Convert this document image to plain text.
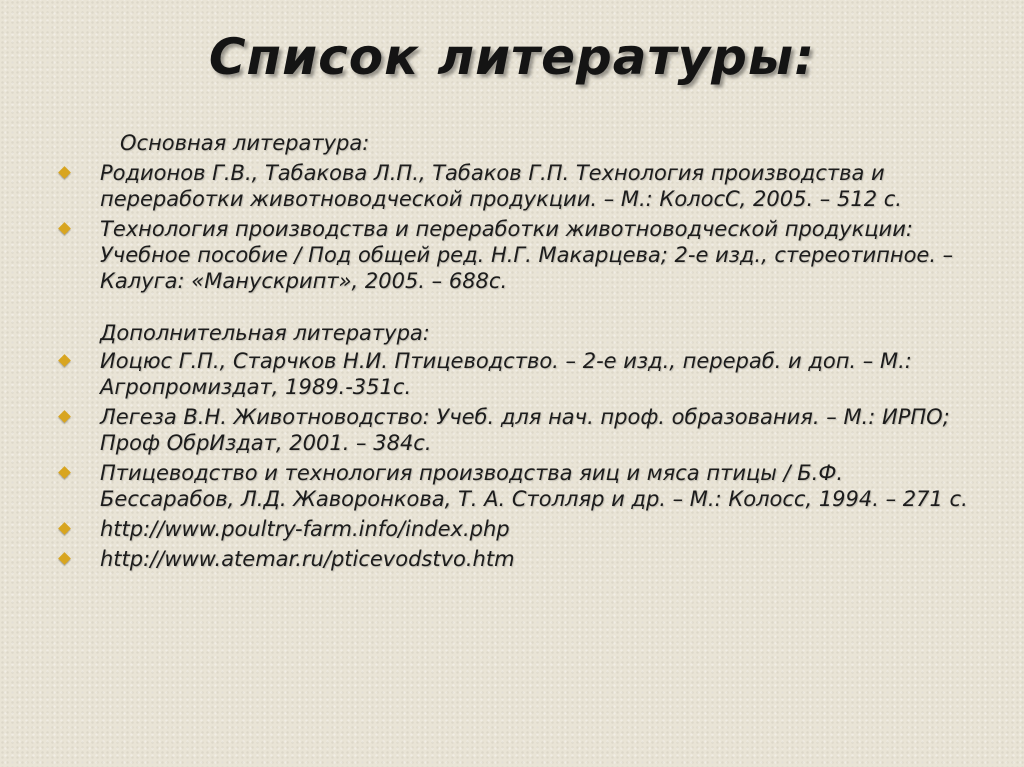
Список литературы:
Основная литература:
Родионов Г.В., Табакова Л.П., Табаков Г.П. Технология производства и переработки животноводческой продукции. – М.: КолосС, 2005. – 512 с.
Технология производства и переработки животноводческой продукции: Учебное пособие / Под общей ред. Н.Г. Макарцева; 2-е изд., стереотипное. – Калуга: «Манускрипт», 2005. – 688с.
Дополнительная литература:
Иоцюс Г.П., Старчков Н.И. Птицеводство. – 2-е изд., перераб. и доп. – М.: Агропромиздат, 1989.-351с.
Легеза В.Н. Животноводство: Учеб. для нач. проф. образования. – М.: ИРПО; Проф ОбрИздат, 2001. – 384с.
Птицеводство и технология производства яиц и мяса птицы / Б.Ф. Бессарабов, Л.Д. Жаворонкова, Т. А. Столляр и др. – М.: Колосс, 1994. – 271 с.
http://www.poultry-farm.info/index.php
http://www.atemar.ru/pticevodstvo.htm
